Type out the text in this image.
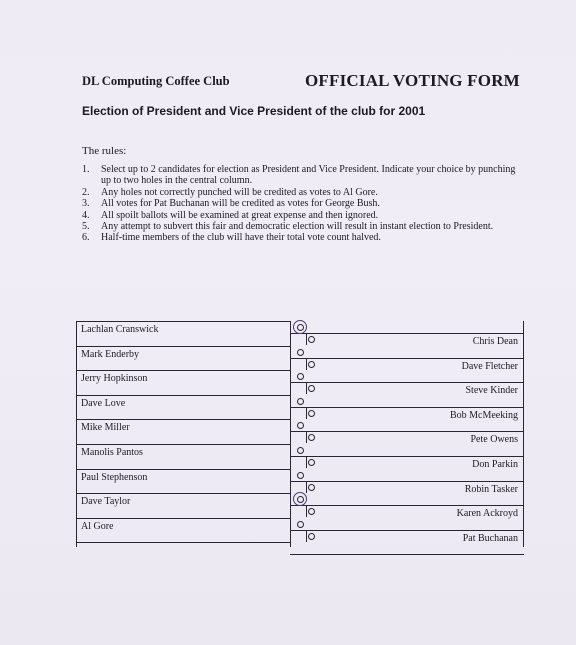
DL Computing Coffee Club	OFFICIAL VOTING FORM
Election of President and Vice President of the club for 2001
The rules:
1. Select up to 2 candidates for election as President and Vice President. Indicate your choice by punching up to two holes in the central column.
2. Any holes not correctly punched will be credited as votes to Al Gore.
3. All votes for Pat Buchanan will be credited as votes for George Bush.
4. All spoilt ballots will be examined at great expense and then ignored.
5. Any attempt to subvert this fair and democratic election will result in instant election to President.
6. Half-time members of the club will have their total vote count halved.
Lachlan Cranswick
Mark Enderby
Jerry Hopkinson
Dave Love
Mike Miller
Manolis Pantos
Paul Stephenson
Dave Taylor
Al Gore
Chris Dean
Dave Fletcher
Steve Kinder
Bob McMeeking
Pete Owens
Don Parkin
Robin Tasker
Karen Ackroyd
Pat Buchanan
